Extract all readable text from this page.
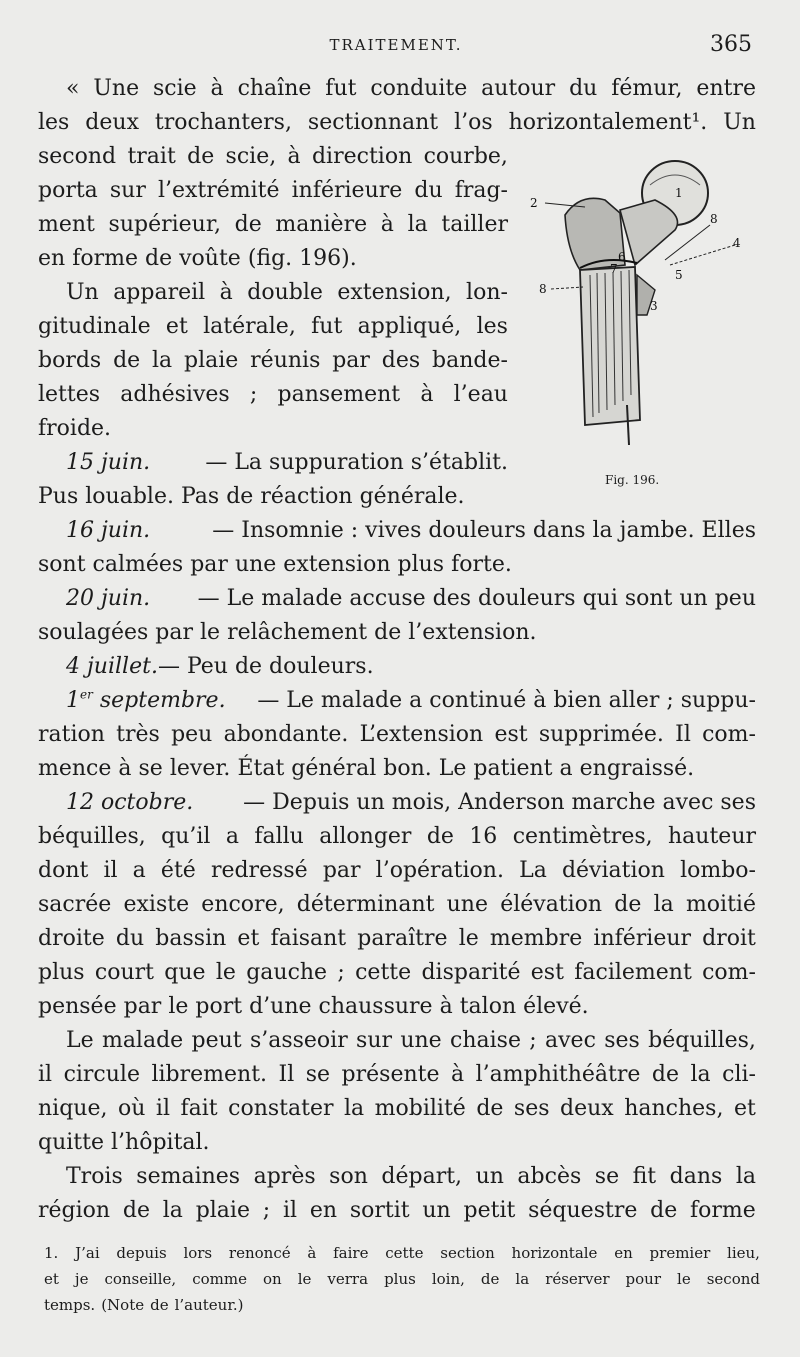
TRAITEMENT.	365
« Une scie à chaîne fut conduite autour du fémur, entre
les deux trochanters, sectionnant l’os horizontalement¹. Un
second trait de scie, à direction courbe,
porta sur l’extrémité inférieure du frag-
ment supérieur, de manière à la tailler
en forme de voûte (fig. 196).
Un appareil à double extension, lon-
gitudinale et latérale, fut appliqué, les
bords de la plaie réunis par des bande-
lettes adhésives ; pansement à l’eau
froide.
15 juin.	— La suppuration s’établit.
Pus louable. Pas de réaction générale.
16 juin.	— Insomnie : vives douleurs dans la jambe. Elles
sont calmées par une extension plus forte.
20 juin. — Le malade accuse des douleurs qui sont un peu
soulagées par le relâchement de l’extension.
4 juillet. — Peu de douleurs.
1er septembre. — Le malade a continué à bien aller ; suppu-
ration très peu abondante. L’extension est supprimée. Il com-
mence à se lever. État général bon. Le patient a engraissé.
12 octobre. — Depuis un mois, Anderson marche avec ses
béquilles, qu’il a fallu allonger de 16 centimètres, hauteur
dont il a été redressé par l’opération. La déviation lombo-
sacrée existe encore, déterminant une élévation de la moitié
droite du bassin et faisant paraître le membre inférieur droit
plus court que le gauche ; cette disparité est facilement com-
pensée par le port d’une chaussure à talon élevé.
Le malade peut s’asseoir sur une chaise ; avec ses béquilles,
il circule librement. Il se présente à l’amphithéâtre de la cli-
nique, où il fait constater la mobilité de ses deux hanches, et
quitte l’hôpital.
Trois semaines après son départ, un abcès se fit dans la
région de la plaie ; il en sortit un petit séquestre de forme
1
2
3
4
5
6
7
8
8
Fig. 196.
1. J’ai depuis lors renoncé à faire cette section horizontale en premier lieu,
et je conseille, comme on le verra plus loin, de la réserver pour le second
temps. (Note de l’auteur.)
